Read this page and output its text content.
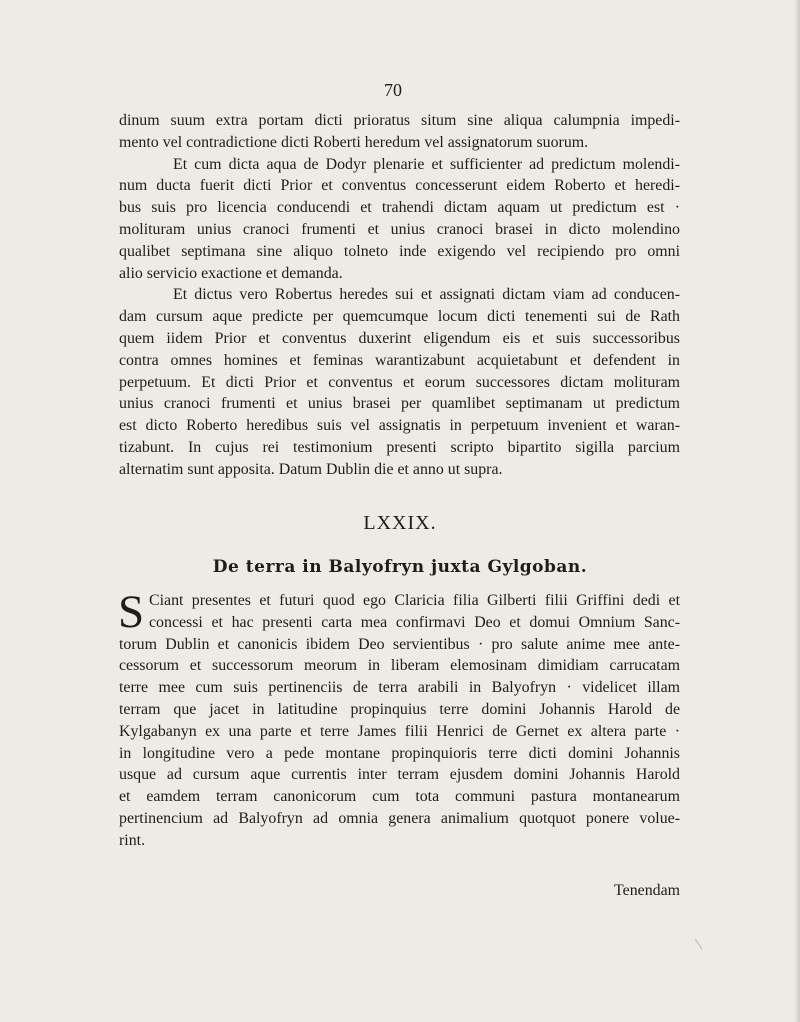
70
dinum suum extra portam dicti prioratus situm sine aliqua calumpnia impedi-
mento vel contradictione dicti Roberti heredum vel assignatorum suorum.
Et cum dicta aqua de Dodyr plenarie et sufficienter ad predictum molendi-
num ducta fuerit dicti Prior et conventus concesserunt eidem Roberto et heredi-
bus suis pro licencia conducendi et trahendi dictam aquam ut predictum est ·
molituram unius cranoci frumenti et unius cranoci brasei in dicto molendino
qualibet septimana sine aliquo tolneto inde exigendo vel recipiendo pro omni
alio servicio exactione et demanda.
Et dictus vero Robertus heredes sui et assignati dictam viam ad conducen-
dam cursum aque predicte per quemcumque locum dicti tenementi sui de Rath
quem iidem Prior et conventus duxerint eligendum eis et suis successoribus
contra omnes homines et feminas warantizabunt acquietabunt et defendent in
perpetuum. Et dicti Prior et conventus et eorum successores dictam molituram
unius cranoci frumenti et unius brasei per quamlibet septimanam ut predictum
est dicto Roberto heredibus suis vel assignatis in perpetuum invenient et waran-
tizabunt. In cujus rei testimonium presenti scripto bipartito sigilla parcium
alternatim sunt apposita. Datum Dublin die et anno ut supra.
LXXIX.
De terra in Balyofryn juxta Gylgoban.
S Ciant presentes et futuri quod ego Claricia filia Gilberti filii Griffini dedi et
concessi et hac presenti carta mea confirmavi Deo et domui Omnium Sanc-
torum Dublin et canonicis ibidem Deo servientibus · pro salute anime mee ante-
cessorum et successorum meorum in liberam elemosinam dimidiam carrucatam
terre mee cum suis pertinenciis de terra arabili in Balyofryn · videlicet illam
terram que jacet in latitudine propinquius terre domini Johannis Harold de
Kylgabanyn ex una parte et terre James filii Henrici de Gernet ex altera parte ·
in longitudine vero a pede montane propinquioris terre dicti domini Johannis
usque ad cursum aque currentis inter terram ejusdem domini Johannis Harold
et eamdem terram canonicorum cum tota communi pastura montanearum
pertinencium ad Balyofryn ad omnia genera animalium quotquot ponere volue-
rint.
Tenendam
